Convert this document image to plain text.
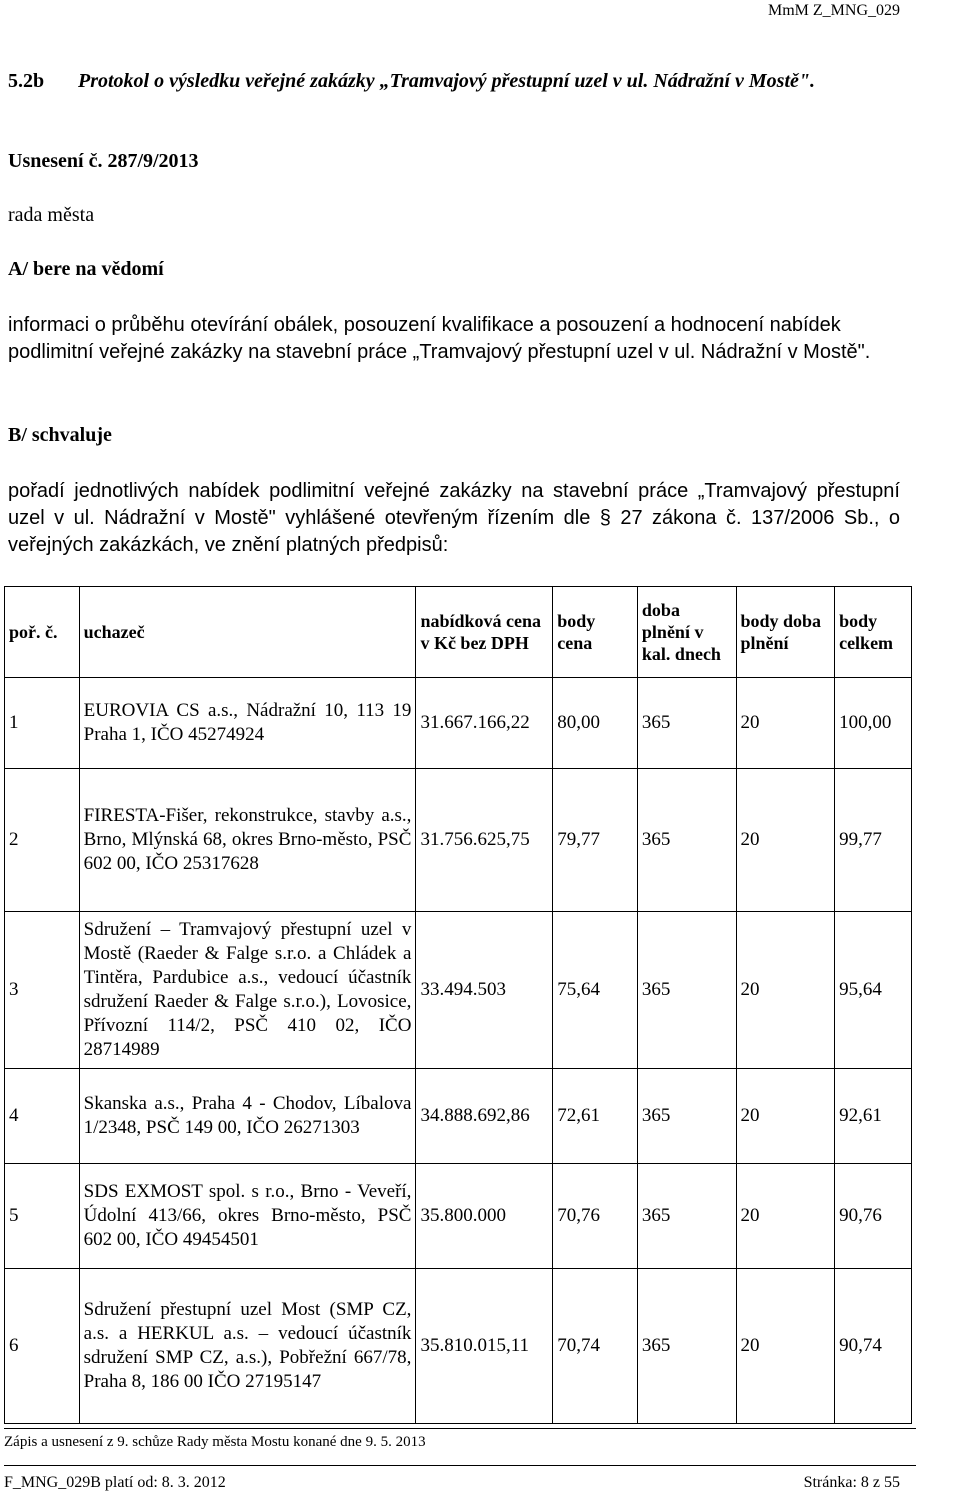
MmM Z_MNG_029
5.2b Protokol o výsledku veřejné zakázky „Tramvajový přestupní uzel v ul. Nádražní v Mostě".
Usnesení č. 287/9/2013
rada města
A/ bere na vědomí
informaci o průběhu otevírání obálek, posouzení kvalifikace a posouzení a hodnocení nabídek podlimitní veřejné zakázky na stavební práce „Tramvajový přestupní uzel v ul. Nádražní v Mostě".
B/ schvaluje
pořadí jednotlivých nabídek podlimitní veřejné zakázky na stavební práce „Tramvajový přestupní uzel v ul. Nádražní v Mostě" vyhlášené otevřeným řízením dle § 27 zákona č. 137/2006 Sb., o veřejných zakázkách, ve znění platných předpisů:
poř. č.	uchazeč	nabídková cena v Kč bez DPH	body cena	doba plnění v kal. dnech	body doba plnění	body celkem
1	EUROVIA CS a.s., Nádražní 10, 113 19 Praha 1, IČO 45274924	31.667.166,22	80,00	365	20	100,00
2	FIRESTA-Fišer, rekonstrukce, stavby a.s., Brno, Mlýnská 68, okres Brno-město, PSČ 602 00, IČO 25317628	31.756.625,75	79,77	365	20	99,77
3	Sdružení – Tramvajový přestupní uzel v Mostě (Raeder & Falge s.r.o. a Chládek a Tintěra, Pardubice a.s., vedoucí účastník sdružení Raeder & Falge s.r.o.), Lovosice, Přívozní 114/2, PSČ 410 02, IČO 28714989	33.494.503	75,64	365	20	95,64
4	Skanska a.s., Praha 4 - Chodov, Líbalova 1/2348, PSČ 149 00, IČO 26271303	34.888.692,86	72,61	365	20	92,61
5	SDS EXMOST spol. s r.o., Brno - Veveří, Údolní 413/66, okres Brno-město, PSČ 602 00, IČO 49454501	35.800.000	70,76	365	20	90,76
6	Sdružení přestupní uzel Most (SMP CZ, a.s. a HERKUL a.s. – vedoucí účastník sdružení SMP CZ, a.s.), Pobřežní 667/78, Praha 8, 186 00 IČO 27195147	35.810.015,11	70,74	365	20	90,74
Zápis a usnesení z 9. schůze Rady města Mostu konané dne 9. 5. 2013
F_MNG_029B platí od: 8. 3. 2012	Stránka: 8 z 55
